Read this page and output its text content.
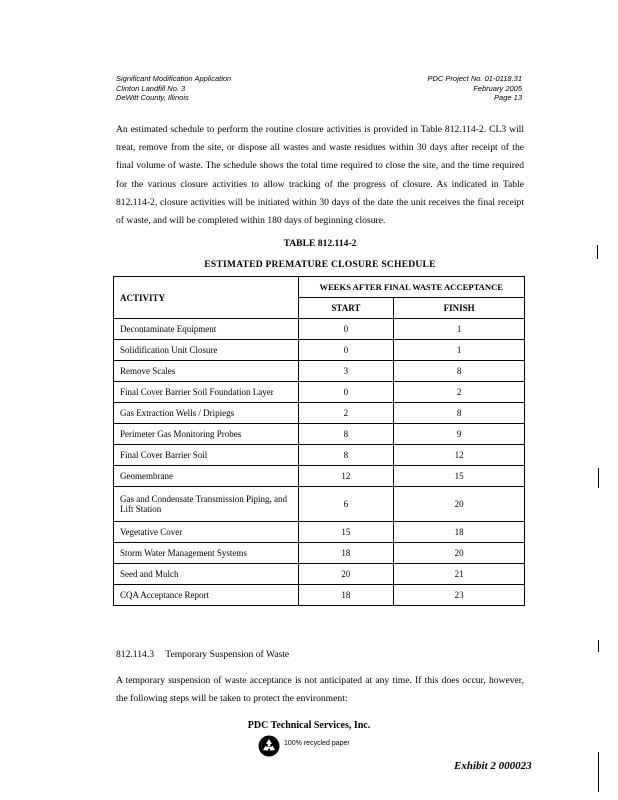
Significant Modification Application
Clinton Landfill No. 3
DeWitt County, Illinois
PDC Project No. 01-0118.31
February 2005
Page 13
An estimated schedule to perform the routine closure activities is provided in Table 812.114-2. CL3 will treat, remove from the site, or dispose all wastes and waste residues within 30 days after receipt of the final volume of waste. The schedule shows the total time required to close the site, and the time required for the various closure activities to allow tracking of the progress of closure. As indicated in Table 812.114-2, closure activities will be initiated within 30 days of the date the unit receives the final receipt of waste, and will be completed within 180 days of beginning closure.
TABLE 812.114-2
ESTIMATED PREMATURE CLOSURE SCHEDULE
ACTIVITY	WEEKS AFTER FINAL WASTE ACCEPTANCE	
	START	FINISH
Decontaminate Equipment	0	1
Solidification Unit Closure	0	1
Remove Scales	3	8
Final Cover Barrier Soil Foundation Layer	0	2
Gas Extraction Wells / Dripiegs	2	8
Perimeter Gas Monitoring Probes	8	9
Final Cover Barrier Soil	8	12
Geomembrane	12	15
Gas and Condensate Transmission Piping, and Lift Station	6	20
Vegetative Cover	15	18
Storm Water Management Systems	18	20
Seed and Mulch	20	21
CQA Acceptance Report	18	23
812.114.3 Temporary Suspension of Waste
A temporary suspension of waste acceptance is not anticipated at any time. If this does occur, however, the following steps will be taken to protect the environment:
PDC Technical Services, Inc.
100% recycled paper
Exhibit 2 000023
